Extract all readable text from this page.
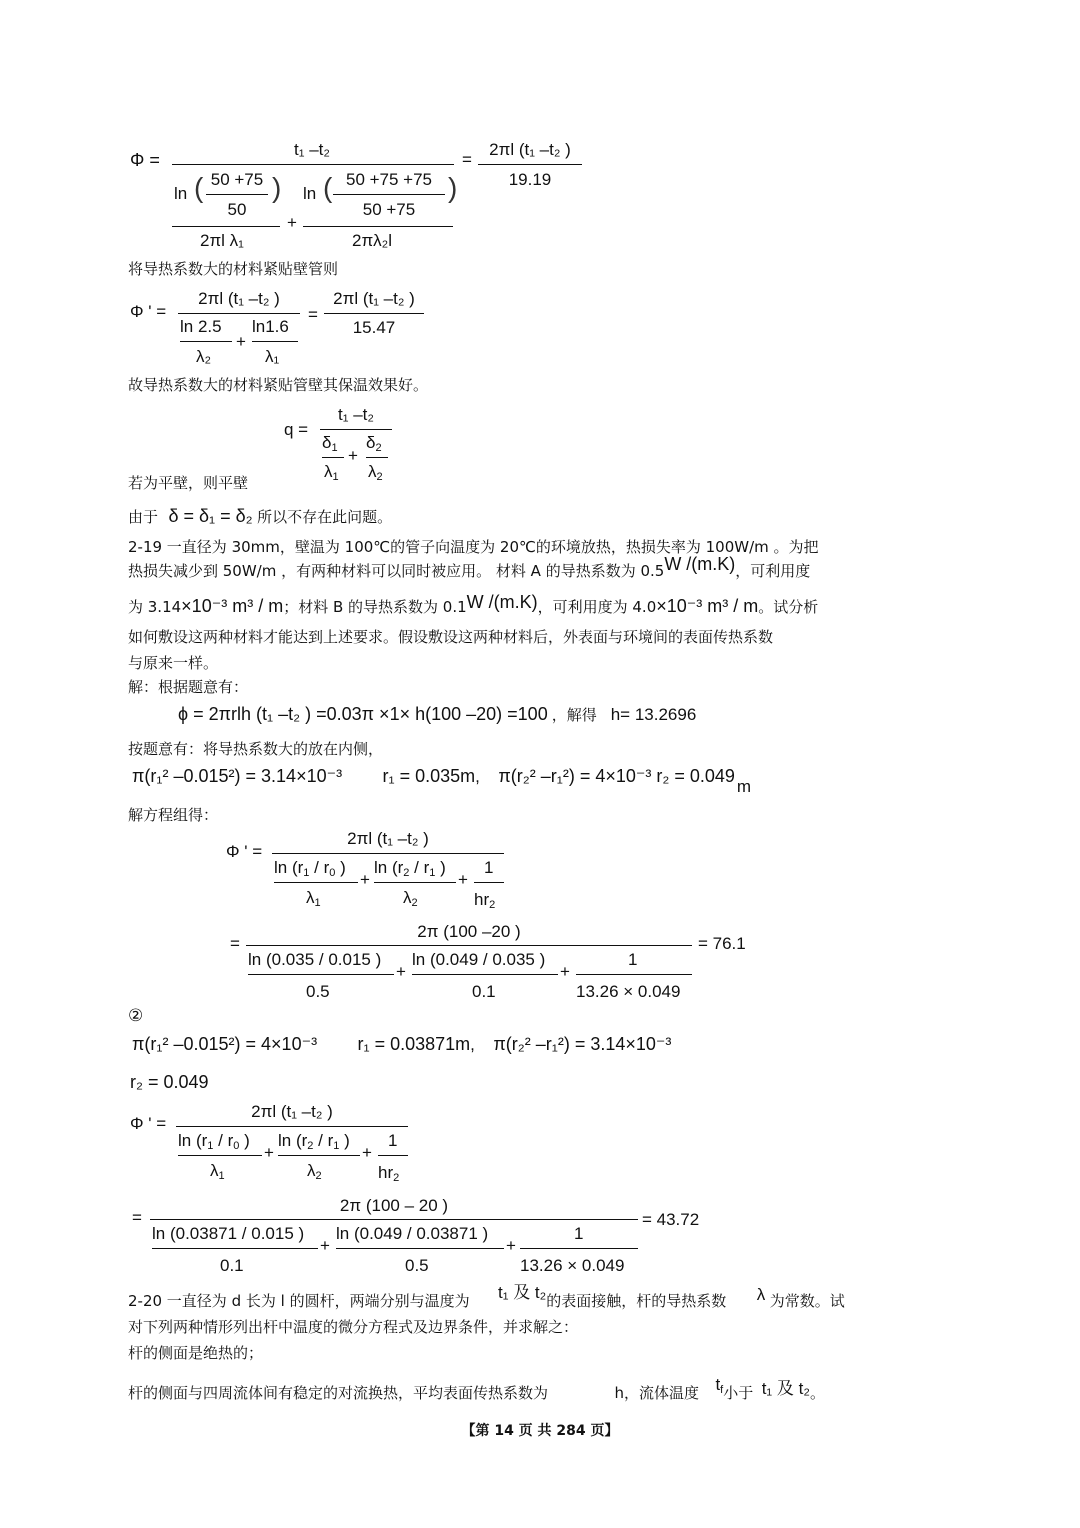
Φ =
t₁ –t₂
ln ( 50 +75
50
)
2πl λ₁
+
ln ( 50 +75 +75
50 +75
)
2πλ₂l
=
2πl (t₁ –t₂ )
19.19
将导热系数大的材料紧贴壁管则
Φ ' =
2πl (t₁ –t₂ )
ln 2.5
λ₂
+
ln1.6
λ₁
=
2πl (t₁ –t₂ )
15.47
故导热系数大的材料紧贴管壁其保温效果好。
q =
t₁ –t₂
$\delta_1$
$\lambda_1$
+
$\delta_2$
$\lambda_2$
若为平壁，则平壁
由于 δ = δ₁ = δ₂ 所以不存在此问题。
2-19 一直径为 30mm，壁温为 100℃的管子向温度为 20℃的环境放热，热损失率为 100W/m 。为把
热损失减少到 50W/m ，有两种材料可以同时被应用。 材料 A 的导热系数为 0.5W /(m.K)，可利用度
为 3.14×10⁻³ m³ / m；材料 B 的导热系数为 0.1W /(m.K)，可利用度为 4.0×10⁻³ m³ / m。试分析
如何敷设这两种材料才能达到上述要求。假设敷设这两种材料后，外表面与环境间的表面传热系数
与原来一样。
解：根据题意有：
ϕ = 2πrlh (t₁ –t₂ ) =0.03π ×1× h(100 –20) =100 ，解得 h= 13.2696
按题意有：将导热系数大的放在内侧，
π(r₁² –0.015²) = 3.14×10⁻³ r₁ = 0.035m, π(r₂² –r₁²) = 4×10⁻³ r₂ = 0.049m
解方程组得：
Φ ' =
2πl (t₁ –t₂ )
$\ln (r_1 / r_0$ )
$\lambda_1$
+
$\ln (r_2 / r_1$ )
$\lambda_2$
+
1
$hr_2$
=
2π (100 –20 )
ln (0.035 / 0.015 )
0.5
+
ln (0.049 / 0.035 )
0.1
+
1
13.26 × 0.049
= 76.1
②
π(r₁² –0.015²) = 4×10⁻³ r₁ = 0.03871m, π(r₂² –r₁²) = 3.14×10⁻³
r₂ = 0.049
Φ ' =
2πl (t₁ –t₂ )
$\ln (r_1 / r_0$ )
$\lambda_1$
+
$\ln (r_2 / r_1$ )
$\lambda_2$
+
1
$hr_2$
=
2π (100 – 20 )
ln (0.03871 / 0.015 )
0.1
+
ln (0.049 / 0.03871 )
0.5
+
1
13.26 × 0.049
= 43.72
2-20 一直径为 d 长为 l 的圆杆，两端分别与温度为 t₁ 及 t₂的表面接触，杆的导热系数 λ 为常数。试
对下列两种情形列出杆中温度的微分方程式及边界条件，并求解之：
杆的侧面是绝热的；
杆的侧面与四周流体间有稳定的对流换热，平均表面传热系数为	h，流体温度 $t_f$小于 t₁ 及 t₂。
【第 14 页 共 284 页】
